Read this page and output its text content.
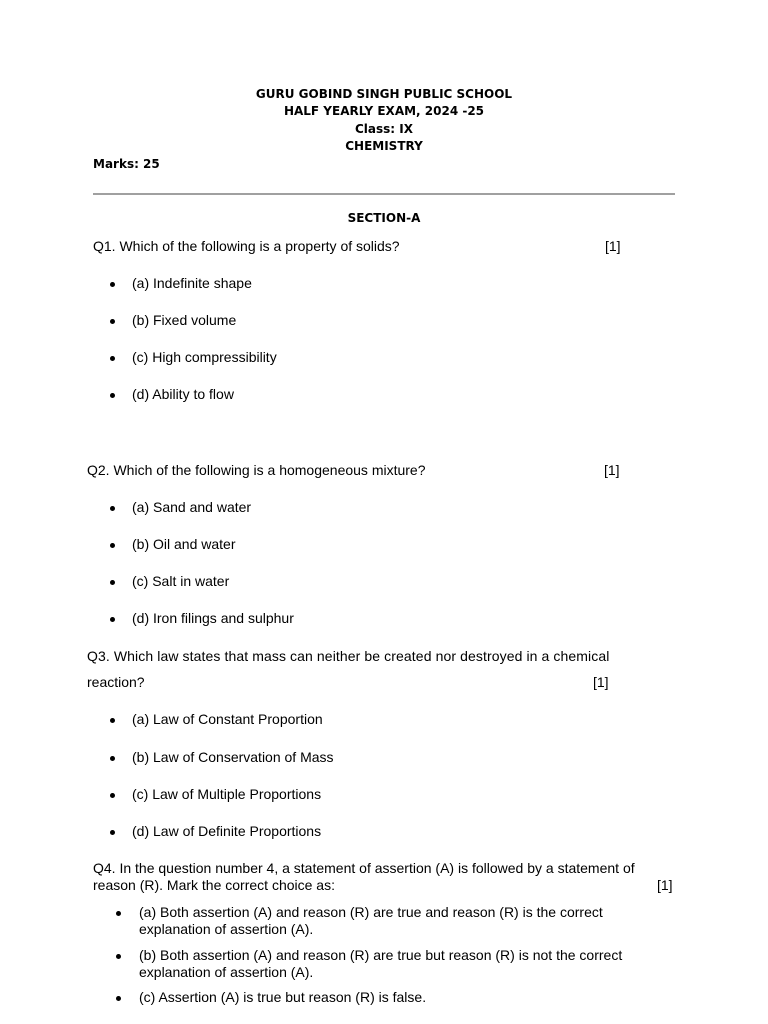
GURU GOBIND SINGH PUBLIC SCHOOL
HALF YEARLY EXAM, 2024 -25
Class: IX
CHEMISTRY
Marks: 25
SECTION-A
Q1. Which of the following is a property of solids?	[1]
(a) Indefinite shape
(b) Fixed volume
(c) High compressibility
(d) Ability to flow
Q2. Which of the following is a homogeneous mixture?	[1]
(a) Sand and water
(b) Oil and water
(c) Salt in water
(d) Iron filings and sulphur
Q3. Which law states that mass can neither be created nor destroyed in a chemical
reaction?	[1]
(a) Law of Constant Proportion
(b) Law of Conservation of Mass
(c) Law of Multiple Proportions
(d) Law of Definite Proportions
Q4. In the question number 4, a statement of assertion (A) is followed by a statement of
reason (R). Mark the correct choice as:	[1]
(a) Both assertion (A) and reason (R) are true and reason (R) is the correct
explanation of assertion (A).
(b) Both assertion (A) and reason (R) are true but reason (R) is not the correct
explanation of assertion (A).
(c) Assertion (A) is true but reason (R) is false.
